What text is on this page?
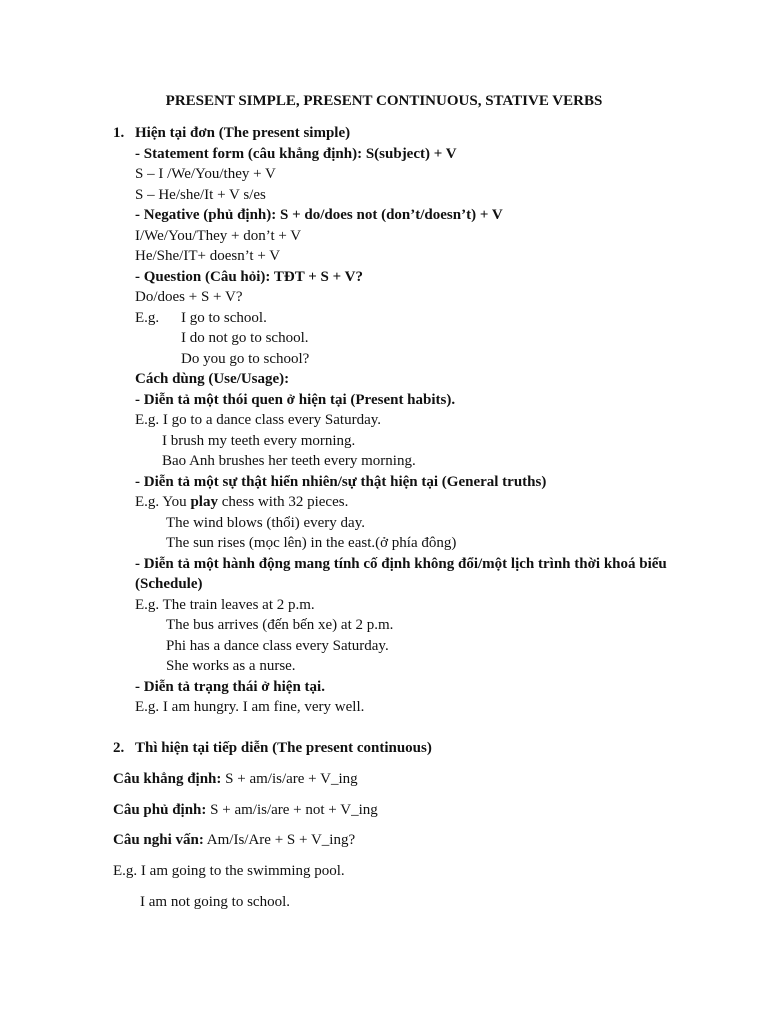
PRESENT SIMPLE, PRESENT CONTINUOUS, STATIVE VERBS
1. Hiện tại đơn (The present simple)
- Statement form (câu khẳng định): S(subject) + V
S – I /We/You/they + V
S – He/she/It + V s/es
- Negative (phủ định): S + do/does not (don’t/doesn’t) + V
I/We/You/They + don’t + V
He/She/IT+ doesn’t + V
- Question (Câu hỏi): TĐT + S + V?
Do/does + S + V?
E.g. I go to school.
I do not go to school.
Do you go to school?
Cách dùng (Use/Usage):
- Diễn tả một thói quen ở hiện tại (Present habits).
E.g. I go to a dance class every Saturday.
I brush my teeth every morning.
Bao Anh brushes her teeth every morning.
- Diễn tả một sự thật hiển nhiên/sự thật hiện tại (General truths)
E.g. You play chess with 32 pieces.
The wind blows (thổi) every day.
The sun rises (mọc lên) in the east.(ở phía đông)
- Diễn tả một hành động mang tính cố định không đổi/một lịch trình thời khoá biểu
(Schedule)
E.g. The train leaves at 2 p.m.
The bus arrives (đến bến xe) at 2 p.m.
Phi has a dance class every Saturday.
She works as a nurse.
- Diễn tả trạng thái ở hiện tại.
E.g. I am hungry. I am fine, very well.
2. Thì hiện tại tiếp diễn (The present continuous)
Câu khẳng định: S + am/is/are + V_ing
Câu phủ định: S + am/is/are + not + V_ing
Câu nghi vấn: Am/Is/Are + S + V_ing?
E.g. I am going to the swimming pool.
I am not going to school.
